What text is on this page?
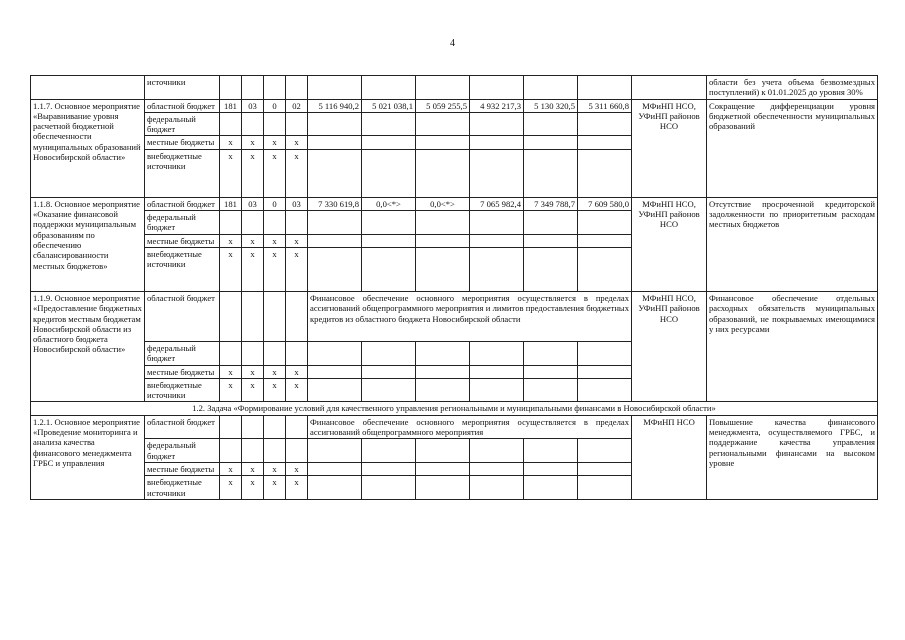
4
	источники												области без учета объема безвозмездных поступлений) к 01.01.2025 до уровня 30%
1.1.7. Основное мероприятие «Выравнивание уровня расчетной бюджетной обеспеченности муниципальных образований Новосибирской области»	областной бюджет	181	03	0	02	5 116 940,2	5 021 038,1	5 059 255,5	4 932 217,3	5 130 320,5	5 311 660,8	МФиНП НСО, УФиНП районов НСО	Сокращение дифференциации уровня бюджетной обеспеченности муниципальных образований
	федеральный бюджет												
	местные бюджеты	х	х	х	х								
	внебюджетные источники	х	х	х	х								
1.1.8. Основное мероприятие «Оказание финансовой поддержки муниципальным образованиям по обеспечению сбалансированности местных бюджетов»	областной бюджет	181	03	0	03	7 330 619,8	0,0<*>	0,0<*>	7 065 982,4	7 349 788,7	7 609 580,0	МФиНП НСО, УФиНП районов НСО	Отсутствие просроченной кредиторской задолженности по приоритетным расходам местных бюджетов
	федеральный бюджет												
	местные бюджеты	х	х	х	х								
	внебюджетные источники	х	х	х	х								
1.1.9. Основное мероприятие «Предоставление бюджетных кредитов местным бюджетам Новосибирской области из областного бюджета Новосибирской области»	областной бюджет					Финансовое обеспечение основного мероприятия осуществляется в пределах ассигнований общепрограммного мероприятия и лимитов предоставления бюджетных кредитов из областного бюджета Новосибирской области						МФиНП НСО, УФиНП районов НСО	Финансовое обеспечение отдельных расходных обязательств муниципальных образований, не покрываемых имеющимися у них ресурсами
	федеральный бюджет												
	местные бюджеты	х	х	х	х								
	внебюджетные источники	х	х	х	х								
1.2. Задача «Формирование условий для качественного управления региональными и муниципальными финансами в Новосибирской области»													
1.2.1. Основное мероприятие «Проведение мониторинга и анализа качества финансового менеджмента ГРБС и управления	областной бюджет					Финансовое обеспечение основного мероприятия осуществляется в пределах ассигнований общепрограммного мероприятия						МФиНП НСО	Повышение качества финансового менеджмента, осуществляемого ГРБС, и поддержание качества управления региональными финансами на высоком уровне
	федеральный бюджет												
	местные бюджеты	х	х	х	х								
	внебюджетные источники	х	х	х	х								
